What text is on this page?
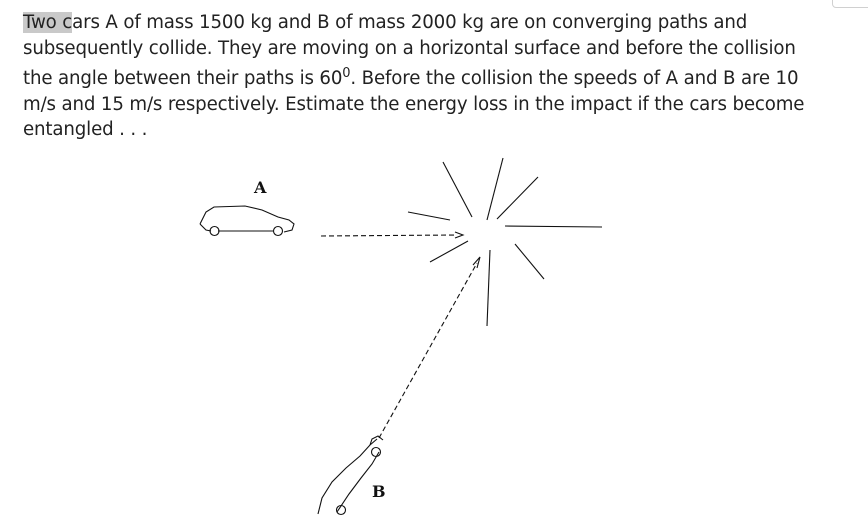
Two cars A of mass 1500 kg and B of mass 2000 kg are on converging paths and subsequently collide. They are moving on a horizontal surface and before the collision the angle between their paths is $60^0$. Before the collision the speeds of A and B are 10 m/s and 15 m/s respectively. Estimate the energy loss in the impact if the cars become entangled . . .

A
B
